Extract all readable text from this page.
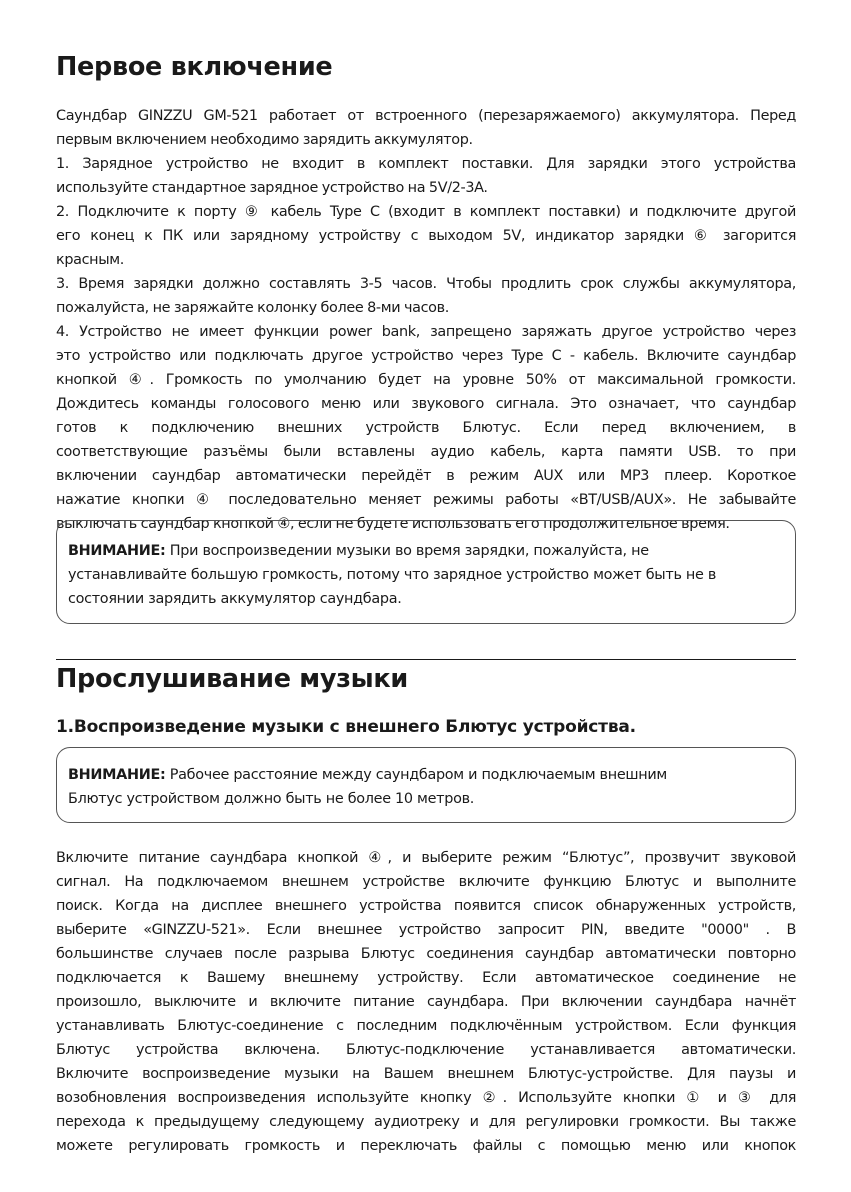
Первое включение
Саундбар GINZZU GM-521 работает от встроенного (перезаряжаемого) аккумулятора. Перед
первым включением необходимо зарядить аккумулятор.
1. Зарядное устройство не входит в комплект поставки. Для зарядки этого устройства
используйте стандартное зарядное устройство на 5V/2-3A.
2. Подключите к порту ⑨ кабель Type C (входит в комплект поставки) и подключите другой
его конец к ПК или зарядному устройству с выходом 5V, индикатор зарядки ⑥ загорится
красным.
3. Время зарядки должно составлять 3-5 часов. Чтобы продлить срок службы аккумулятора,
пожалуйста, не заряжайте колонку более 8-ми часов.
4. Устройство не имеет функции power bank, запрещено заряжать другое устройство через
это устройство или подключать другое устройство через Type C - кабель. Включите саундбар
кнопкой ④. Громкость по умолчанию будет на уровне 50% от максимальной громкости.
Дождитесь команды голосового меню или звукового сигнала. Это означает, что саундбар
готов к подключению внешних устройств Блютус. Если перед включением, в
соответствующие разъёмы были вставлены аудио кабель, карта памяти USB. то при
включении саундбар автоматически перейдёт в режим AUX или MP3 плеер. Короткое
нажатие кнопки ④ последовательно меняет режимы работы «BT/USB/AUX». Не забывайте
выключать саундбар кнопкой ④, если не будете использовать его продолжительное время.
ВНИМАНИЕ: При воспроизведении музыки во время зарядки, пожалуйста, не
устанавливайте большую громкость, потому что зарядное устройство может быть не в
состоянии зарядить аккумулятор саундбара.
Прослушивание музыки
1.Воспроизведение музыки с внешнего Блютус устройства.
ВНИМАНИЕ: Рабочее расстояние между саундбаром и подключаемым внешним
Блютус устройством должно быть не более 10 метров.
Включите питание саундбара кнопкой ④, и выберите режим “Блютус”, прозвучит звуковой
сигнал. На подключаемом внешнем устройстве включите функцию Блютус и выполните
поиск. Когда на дисплее внешнего устройства появится список обнаруженных устройств,
выберите «GINZZU-521». Если внешнее устройство запросит PIN, введите "0000" . В
большинстве случаев после разрыва Блютус соединения саундбар автоматически повторно
подключается к Вашему внешнему устройству. Если автоматическое соединение не
произошло, выключите и включите питание саундбара. При включении саундбара начнёт
устанавливать Блютус-соединение с последним подключённым устройством. Если функция
Блютус устройства включена. Блютус-подключение устанавливается автоматически.
Включите воспроизведение музыки на Вашем внешнем Блютус-устройстве. Для паузы и
возобновления воспроизведения используйте кнопку ②. Используйте кнопки ① и ③ для
перехода к предыдущему следующему аудиотреку и для регулировки громкости. Вы также
можете регулировать громкость и переключать файлы с помощью меню или кнопок
